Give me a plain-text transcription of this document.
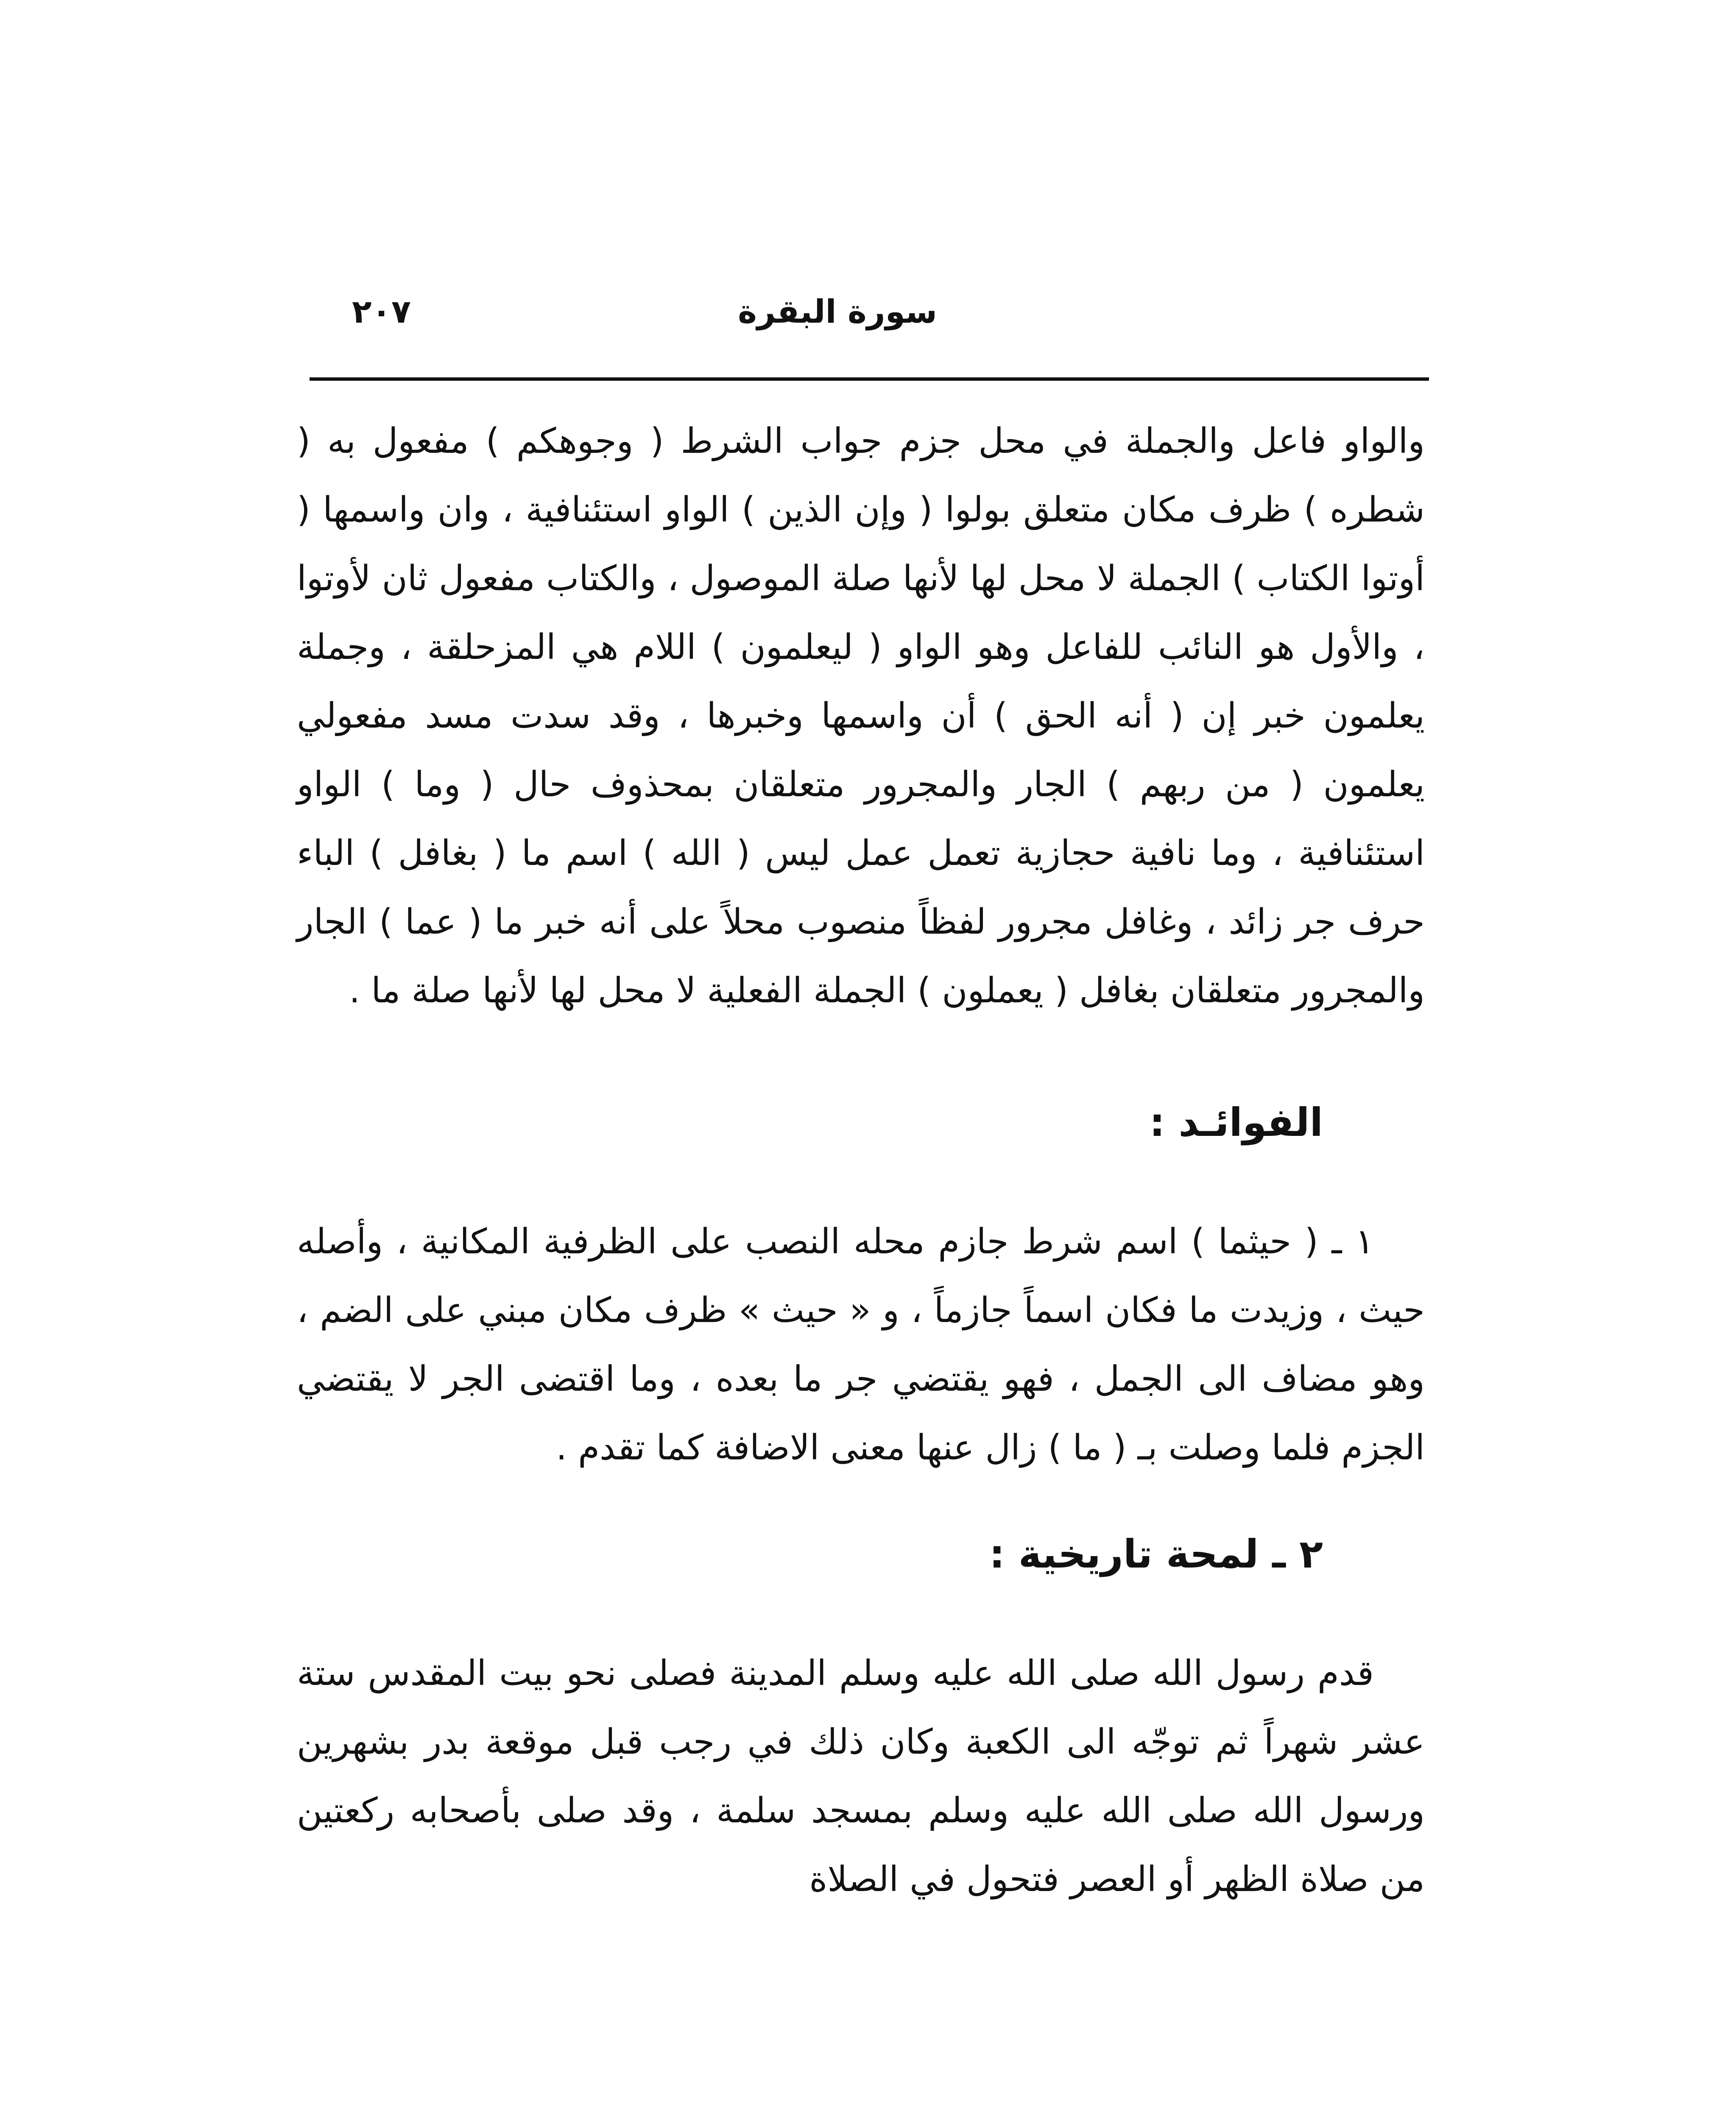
٢٠٧	سورة البقرة

والواو فاعل والجملة في محل جزم جواب الشرط ( وجوهكم ) مفعول به ( شطره ) ظرف مكان متعلق بولوا ( وإن الذين ) الواو استئنافية ، وان واسمها ( أوتوا الكتاب ) الجملة لا محل لها لأنها صلة الموصول ، والكتاب مفعول ثان لأوتوا ، والأول هو النائب للفاعل وهو الواو ( ليعلمون ) اللام هي المزحلقة ، وجملة يعلمون خبر إن ( أنه الحق ) أن واسمها وخبرها ، وقد سدت مسد مفعولي يعلمون ( من ربهم ) الجار والمجرور متعلقان بمحذوف حال ( وما ) الواو استئنافية ، وما نافية حجازية تعمل عمل ليس ( الله ) اسم ما ( بغافل ) الباء حرف جر زائد ، وغافل مجرور لفظاً منصوب محلاً على أنه خبر ما ( عما ) الجار والمجرور متعلقان بغافل ( يعملون ) الجملة الفعلية لا محل لها لأنها صلة ما .

الفوائـد :

١ ـ ( حيثما ) اسم شرط جازم محله النصب على الظرفية المكانية ، وأصله حيث ، وزيدت ما فكان اسماً جازماً ، و « حيث » ظرف مكان مبني على الضم ، وهو مضاف الى الجمل ، فهو يقتضي جر ما بعده ، وما اقتضى الجر لا يقتضي الجزم فلما وصلت بـ ( ما ) زال عنها معنى الاضافة كما تقدم .

٢ ـ لمحة تاريخية :

قدم رسول الله صلى الله عليه وسلم المدينة فصلى نحو بيت المقدس ستة عشر شهراً ثم توجّه الى الكعبة وكان ذلك في رجب قبل موقعة بدر بشهرين ورسول الله صلى الله عليه وسلم بمسجد سلمة ، وقد صلى بأصحابه ركعتين من صلاة الظهر أو العصر فتحول في الصلاة
